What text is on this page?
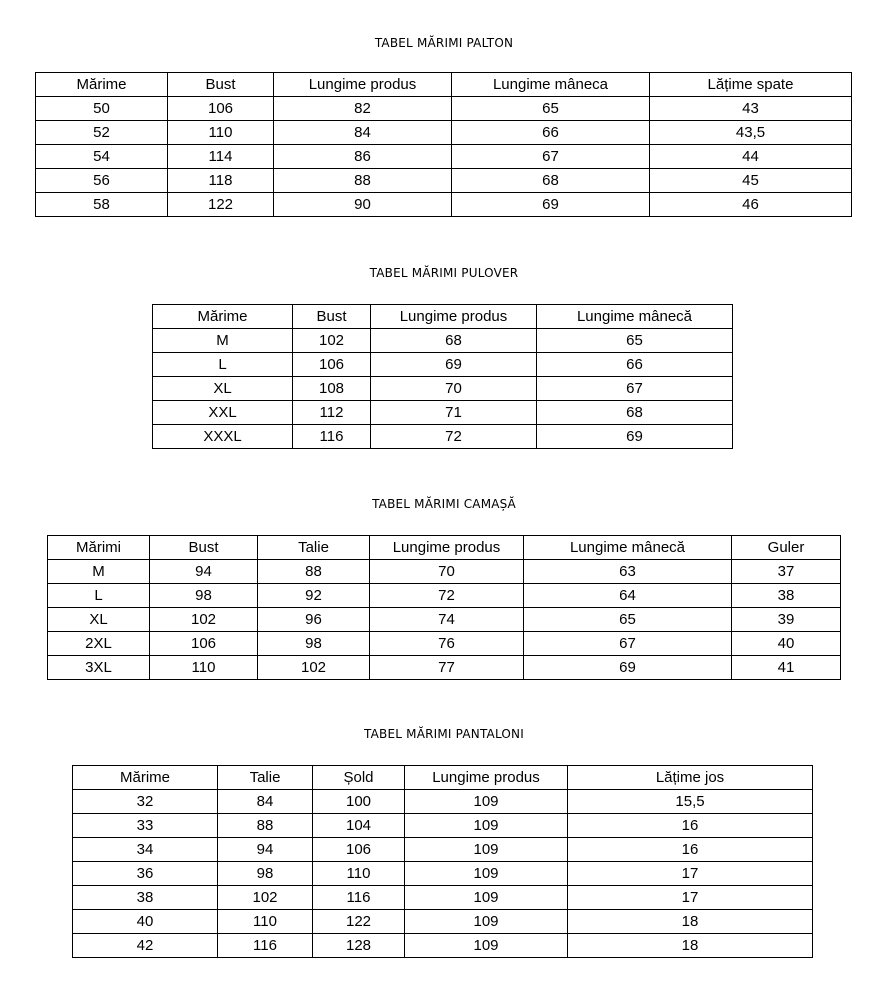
TABEL MĂRIMI PALTON
Mărime	Bust	Lungime produs	Lungime mâneca	Lățime spate
50	106	82	65	43
52	110	84	66	43,5
54	114	86	67	44
56	118	88	68	45
58	122	90	69	46
TABEL MĂRIMI PULOVER
Mărime	Bust	Lungime produs	Lungime mânecă
M	102	68	65
L	106	69	66
XL	108	70	67
XXL	112	71	68
XXXL	116	72	69
TABEL MĂRIMI CAMAȘĂ
Mărimi	Bust	Talie	Lungime produs	Lungime mânecă	Guler
M	94	88	70	63	37
L	98	92	72	64	38
XL	102	96	74	65	39
2XL	106	98	76	67	40
3XL	110	102	77	69	41
TABEL MĂRIMI PANTALONI
Mărime	Talie	Șold	Lungime produs	Lățime jos
32	84	100	109	15,5
33	88	104	109	16
34	94	106	109	16
36	98	110	109	17
38	102	116	109	17
40	110	122	109	18
42	116	128	109	18
